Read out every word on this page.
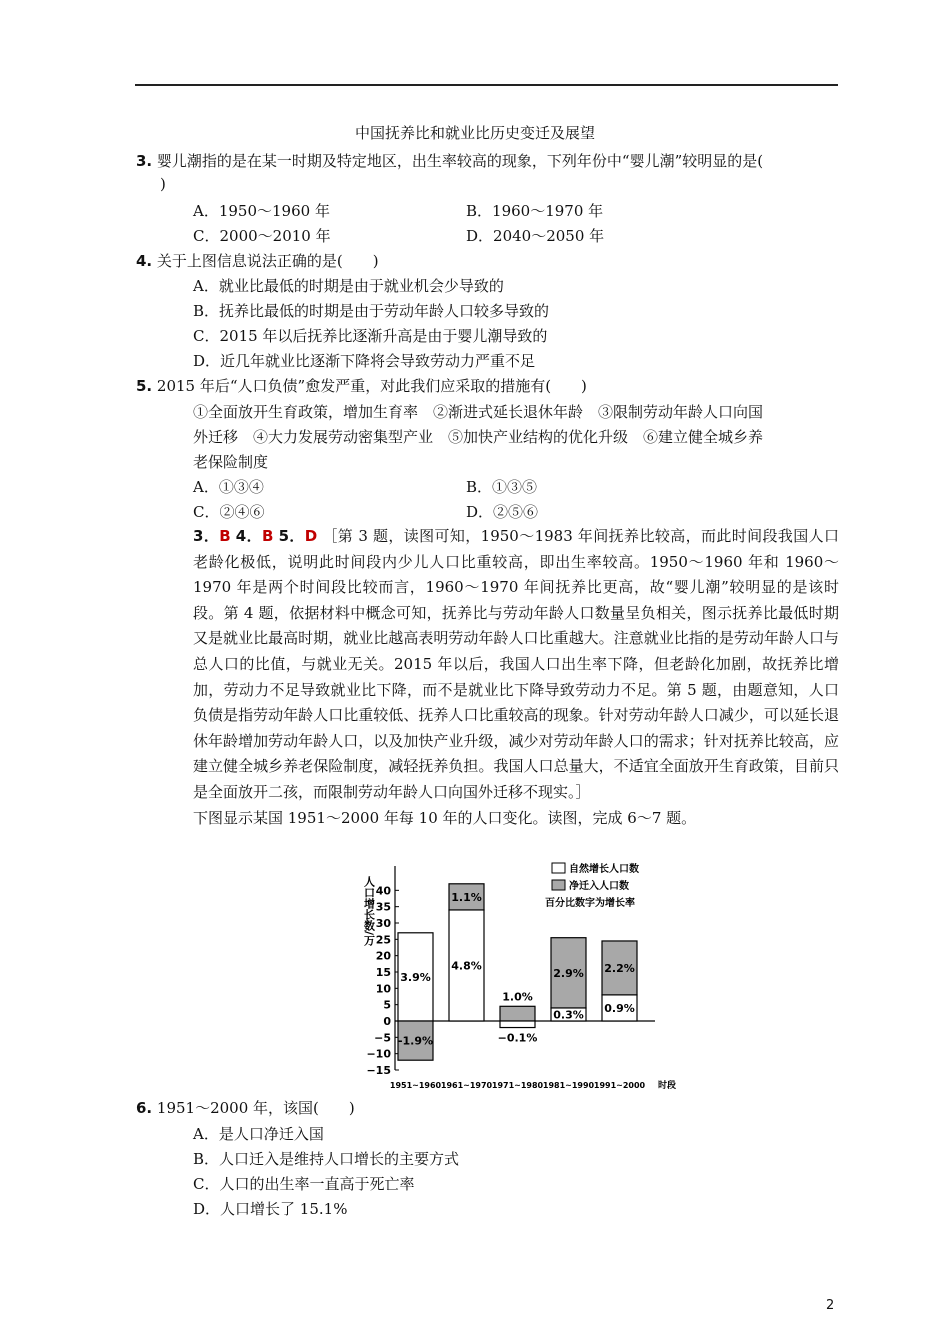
中国抚养比和就业比历史变迁及展望
3. 婴儿潮指的是在某一时期及特定地区，出生率较高的现象，下列年份中“婴儿潮”较明显的是(
)
A．1950～1960 年	B．1960～1970 年
C．2000～2010 年	D．2040～2050 年
4. 关于上图信息说法正确的是(　　)
A．就业比最低的时期是由于就业机会少导致的
B．抚养比最低的时期是由于劳动年龄人口较多导致的
C．2015 年以后抚养比逐渐升高是由于婴儿潮导致的
D．近几年就业比逐渐下降将会导致劳动力严重不足
5. 2015 年后“人口负债”愈发严重，对此我们应采取的措施有(　　)
①全面放开生育政策，增加生育率　②渐进式延长退休年龄　③限制劳动年龄人口向国
外迁移　④大力发展劳动密集型产业　⑤加快产业结构的优化升级　⑥建立健全城乡养
老保险制度
A．①③④	B．①③⑤
C．②④⑥	D．②⑤⑥
3．B 4．B 5．D ［第 3 题，读图可知，1950～1983 年间抚养比较高，而此时间段我国人口老龄化极低，说明此时间段内少儿人口比重较高，即出生率较高。1950～1960 年和 1960～1970 年是两个时间段比较而言，1960～1970 年间抚养比更高，故“婴儿潮”较明显的是该时段。第 4 题，依据材料中概念可知，抚养比与劳动年龄人口数量呈负相关，图示抚养比最低时期又是就业比最高时期，就业比越高表明劳动年龄人口比重越大。注意就业比指的是劳动年龄人口与总人口的比值，与就业无关。2015 年以后，我国人口出生率下降，但老龄化加剧，故抚养比增加，劳动力不足导致就业比下降，而不是就业比下降导致劳动力不足。第 5 题，由题意知，人口负债是指劳动年龄人口比重较低、抚养人口比重较高的现象。针对劳动年龄人口减少，可以延长退休年龄增加劳动年龄人口，以及加快产业升级，减少对劳动年龄人口的需求；针对抚养比较高，应建立健全城乡养老保险制度，减轻抚养负担。我国人口总量大，不适宜全面放开生育政策，目前只是全面放开二孩，而限制劳动年龄人口向国外迁移不现实。］
下图显示某国 1951～2000 年每 10 年的人口变化。读图，完成 6～7 题。
−15
−10
−5
0
5
10
15
20
25
30
35
40
人口增长数/万
3.9%
-1.9%
1951~1960
4.8%
1.1%
1961~1970
−0.1%
1.0%
1971~1980
0.3%
2.9%
1981~1990
0.9%
2.2%
1991~2000 时段
自然增长人口数
净迁入人口数
百分比数字为增长率
6. 1951～2000 年，该国(　　)
A．是人口净迁入国
B．人口迁入是维持人口增长的主要方式
C．人口的出生率一直高于死亡率
D．人口增长了 15.1%
2
